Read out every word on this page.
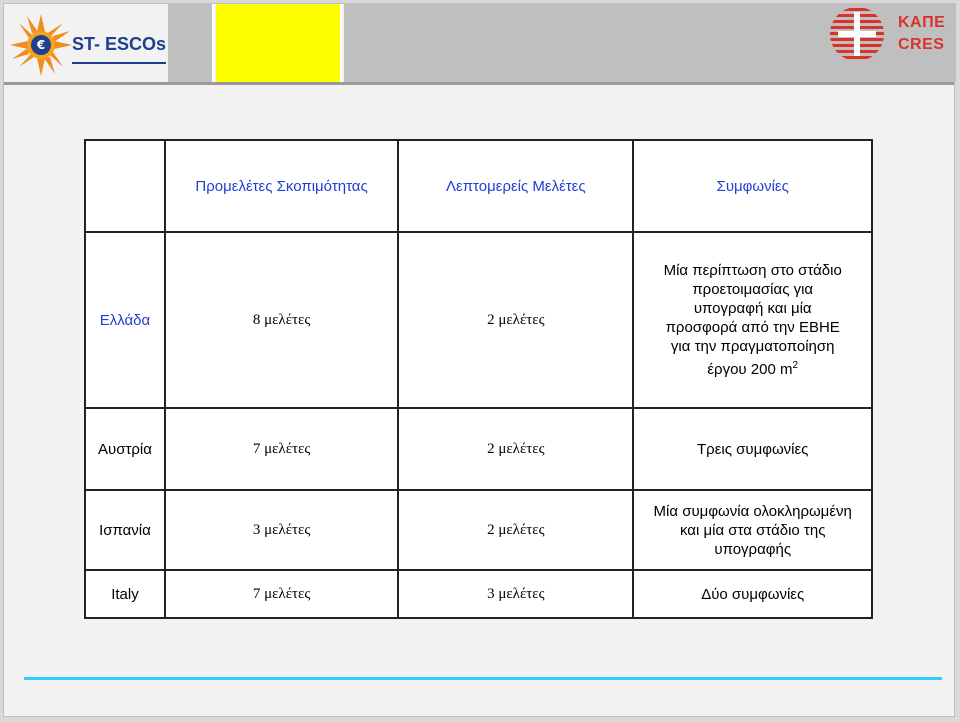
€ ST- ESCOs
ΚΑΠΕ
CRES
	Προμελέτες Σκοπιμότητας	Λεπτομερείς Μελέτες	Συμφωνίες
Ελλάδα	8 μελέτες	2 μελέτες	Μία περίπτωση στο στάδιο προετοιμασίας για υπογραφή και μία προσφορά από την ΕΒΗΕ για την πραγματοποίηση έργου 200 $m^2$
Αυστρία	7 μελέτες	2 μελέτες	Τρεις συμφωνίες
Ισπανία	3 μελέτες	2 μελέτες	Μία συμφωνία ολοκληρωμένη και μία στα στάδιο της υπογραφής
Italy	7 μελέτες	3 μελέτες	Δύο συμφωνίες
